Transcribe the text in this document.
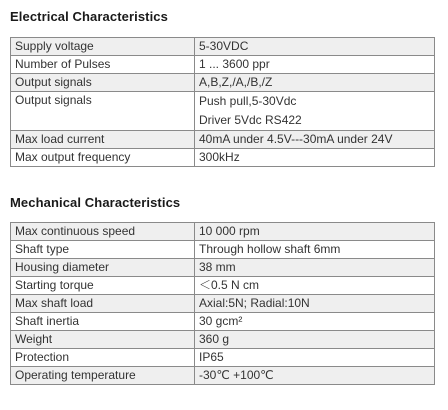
Electrical Characteristics
Supply voltage	5-30VDC
Number of Pulses	1 ... 3600 ppr
Output signals	A,B,Z,/A,/B,/Z
Output signals	Push pull,5-30Vdc
Driver 5Vdc RS422

Max load current	40mA under 4.5V---30mA under 24V
Max output frequency	300kHz
Mechanical Characteristics
Max continuous speed	10 000 rpm
Shaft type	Through hollow shaft 6mm
Housing diameter	38 mm
Starting torque	＜0.5 N cm
Max shaft load	Axial:5N; Radial:10N
Shaft inertia	30 gcm²
Weight	360 g
Protection	IP65
Operating temperature	-30℃ +100℃
